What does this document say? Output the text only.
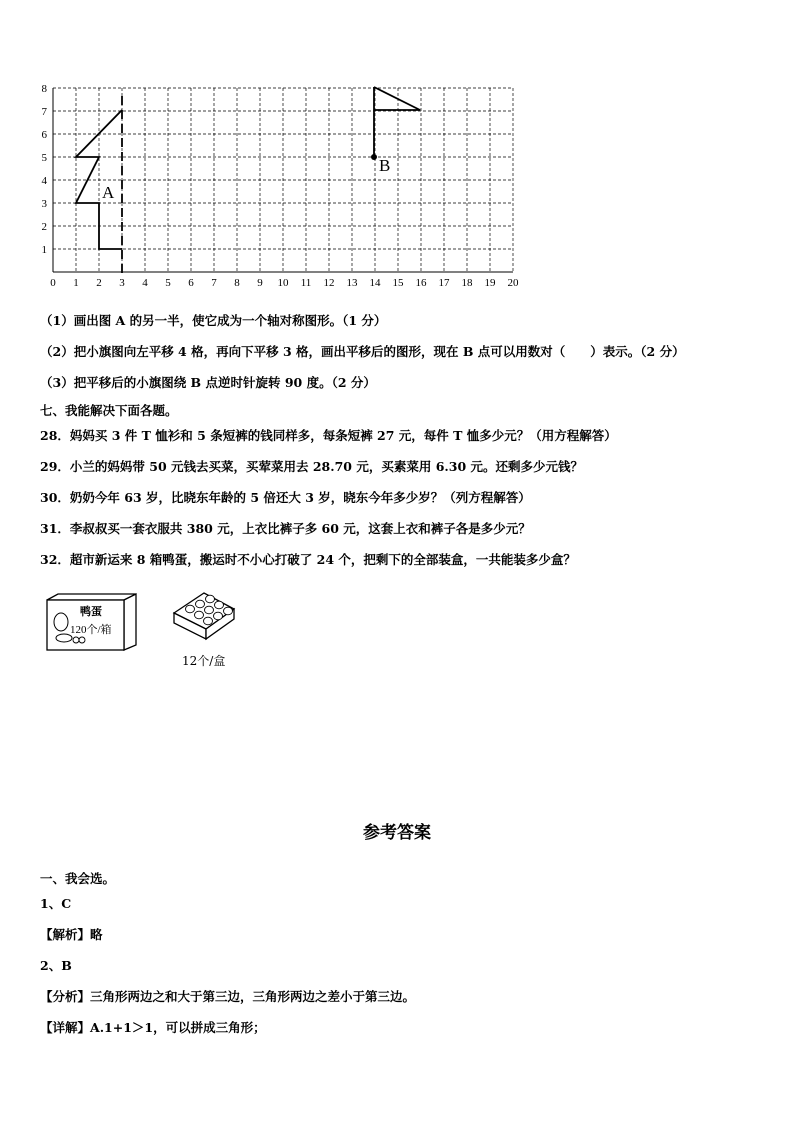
0 1 2 3 4 5 6 7 8 9 10 11 12 13 14 15 16 17 18 19 20
1
2
3
4
5
6
7
8
A
B
（1）画出图 A 的另一半，使它成为一个轴对称图形。（1 分）
（2）把小旗图向左平移 4 格，再向下平移 3 格，画出平移后的图形，现在 B 点可以用数对（　　）表示。（2 分）
（3）把平移后的小旗图绕 B 点逆时针旋转 90 度。（2 分）
七、我能解决下面各题。
28．妈妈买 3 件 T 恤衫和 5 条短裤的钱同样多，每条短裤 27 元，每件 T 恤多少元？（用方程解答）
29．小兰的妈妈带 50 元钱去买菜，买荤菜用去 28.70 元，买素菜用 6.30 元。还剩多少元钱？
30．奶奶今年 63 岁，比晓东年龄的 5 倍还大 3 岁，晓东今年多少岁？（列方程解答）
31．李叔叔买一套衣服共 380 元，上衣比裤子多 60 元，这套上衣和裤子各是多少元？
32．超市新运来 8 箱鸭蛋，搬运时不小心打破了 24 个，把剩下的全部装盒，一共能装多少盒？
鸭蛋
120个/箱
12个/盒
参考答案
一、我会选。
1、C
【解析】略
2、B
【分析】三角形两边之和大于第三边，三角形两边之差小于第三边。
【详解】A.1+1＞1，可以拼成三角形；
